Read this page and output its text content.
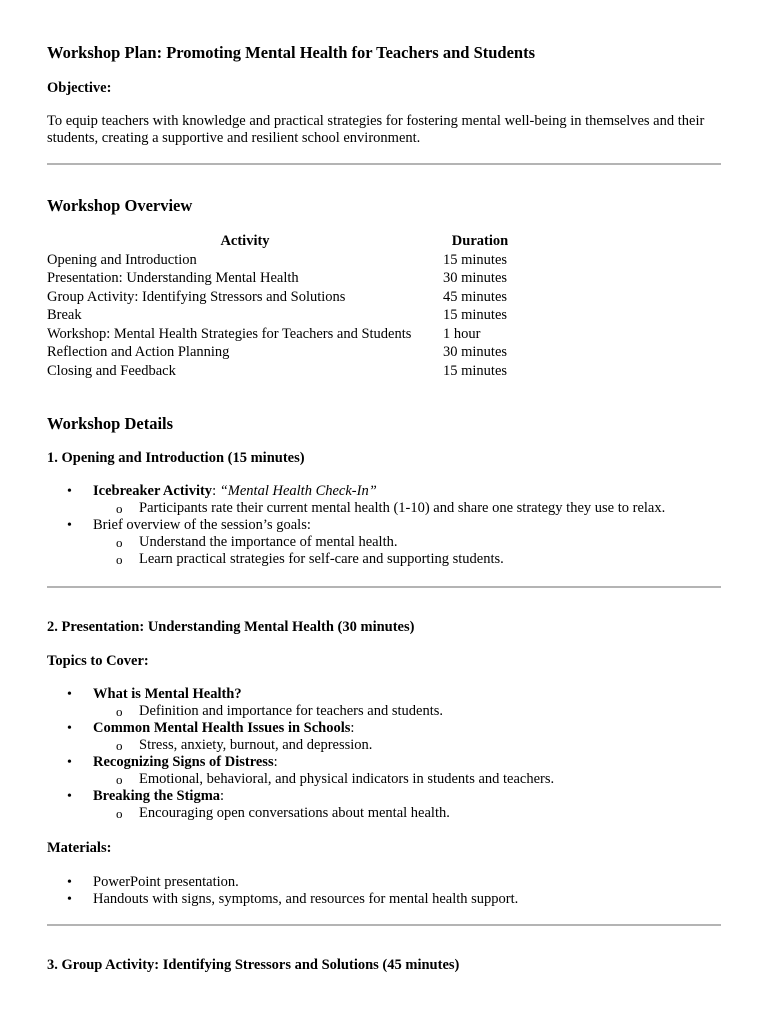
Workshop Plan: Promoting Mental Health for Teachers and Students

Objective:

To equip teachers with knowledge and practical strategies for fostering mental well-being in themselves and their students, creating a supportive and resilient school environment.

Workshop Overview
Activity	Duration
Opening and Introduction	15 minutes
Presentation: Understanding Mental Health	30 minutes
Group Activity: Identifying Stressors and Solutions	45 minutes
Break	15 minutes
Workshop: Mental Health Strategies for Teachers and Students	1 hour
Reflection and Action Planning	30 minutes
Closing and Feedback	15 minutes
Workshop Details

1. Opening and Introduction (15 minutes)

• Icebreaker Activity: “Mental Health Check-In”
o Participants rate their current mental health (1-10) and share one strategy they use to relax.
• Brief overview of the session’s goals:
o Understand the importance of mental health.
o Learn practical strategies for self-care and supporting students.

2. Presentation: Understanding Mental Health (30 minutes)

Topics to Cover:

• What is Mental Health?
o Definition and importance for teachers and students.
• Common Mental Health Issues in Schools:
o Stress, anxiety, burnout, and depression.
• Recognizing Signs of Distress:
o Emotional, behavioral, and physical indicators in students and teachers.
• Breaking the Stigma:
o Encouraging open conversations about mental health.

Materials:

• PowerPoint presentation.
• Handouts with signs, symptoms, and resources for mental health support.

3. Group Activity: Identifying Stressors and Solutions (45 minutes)
